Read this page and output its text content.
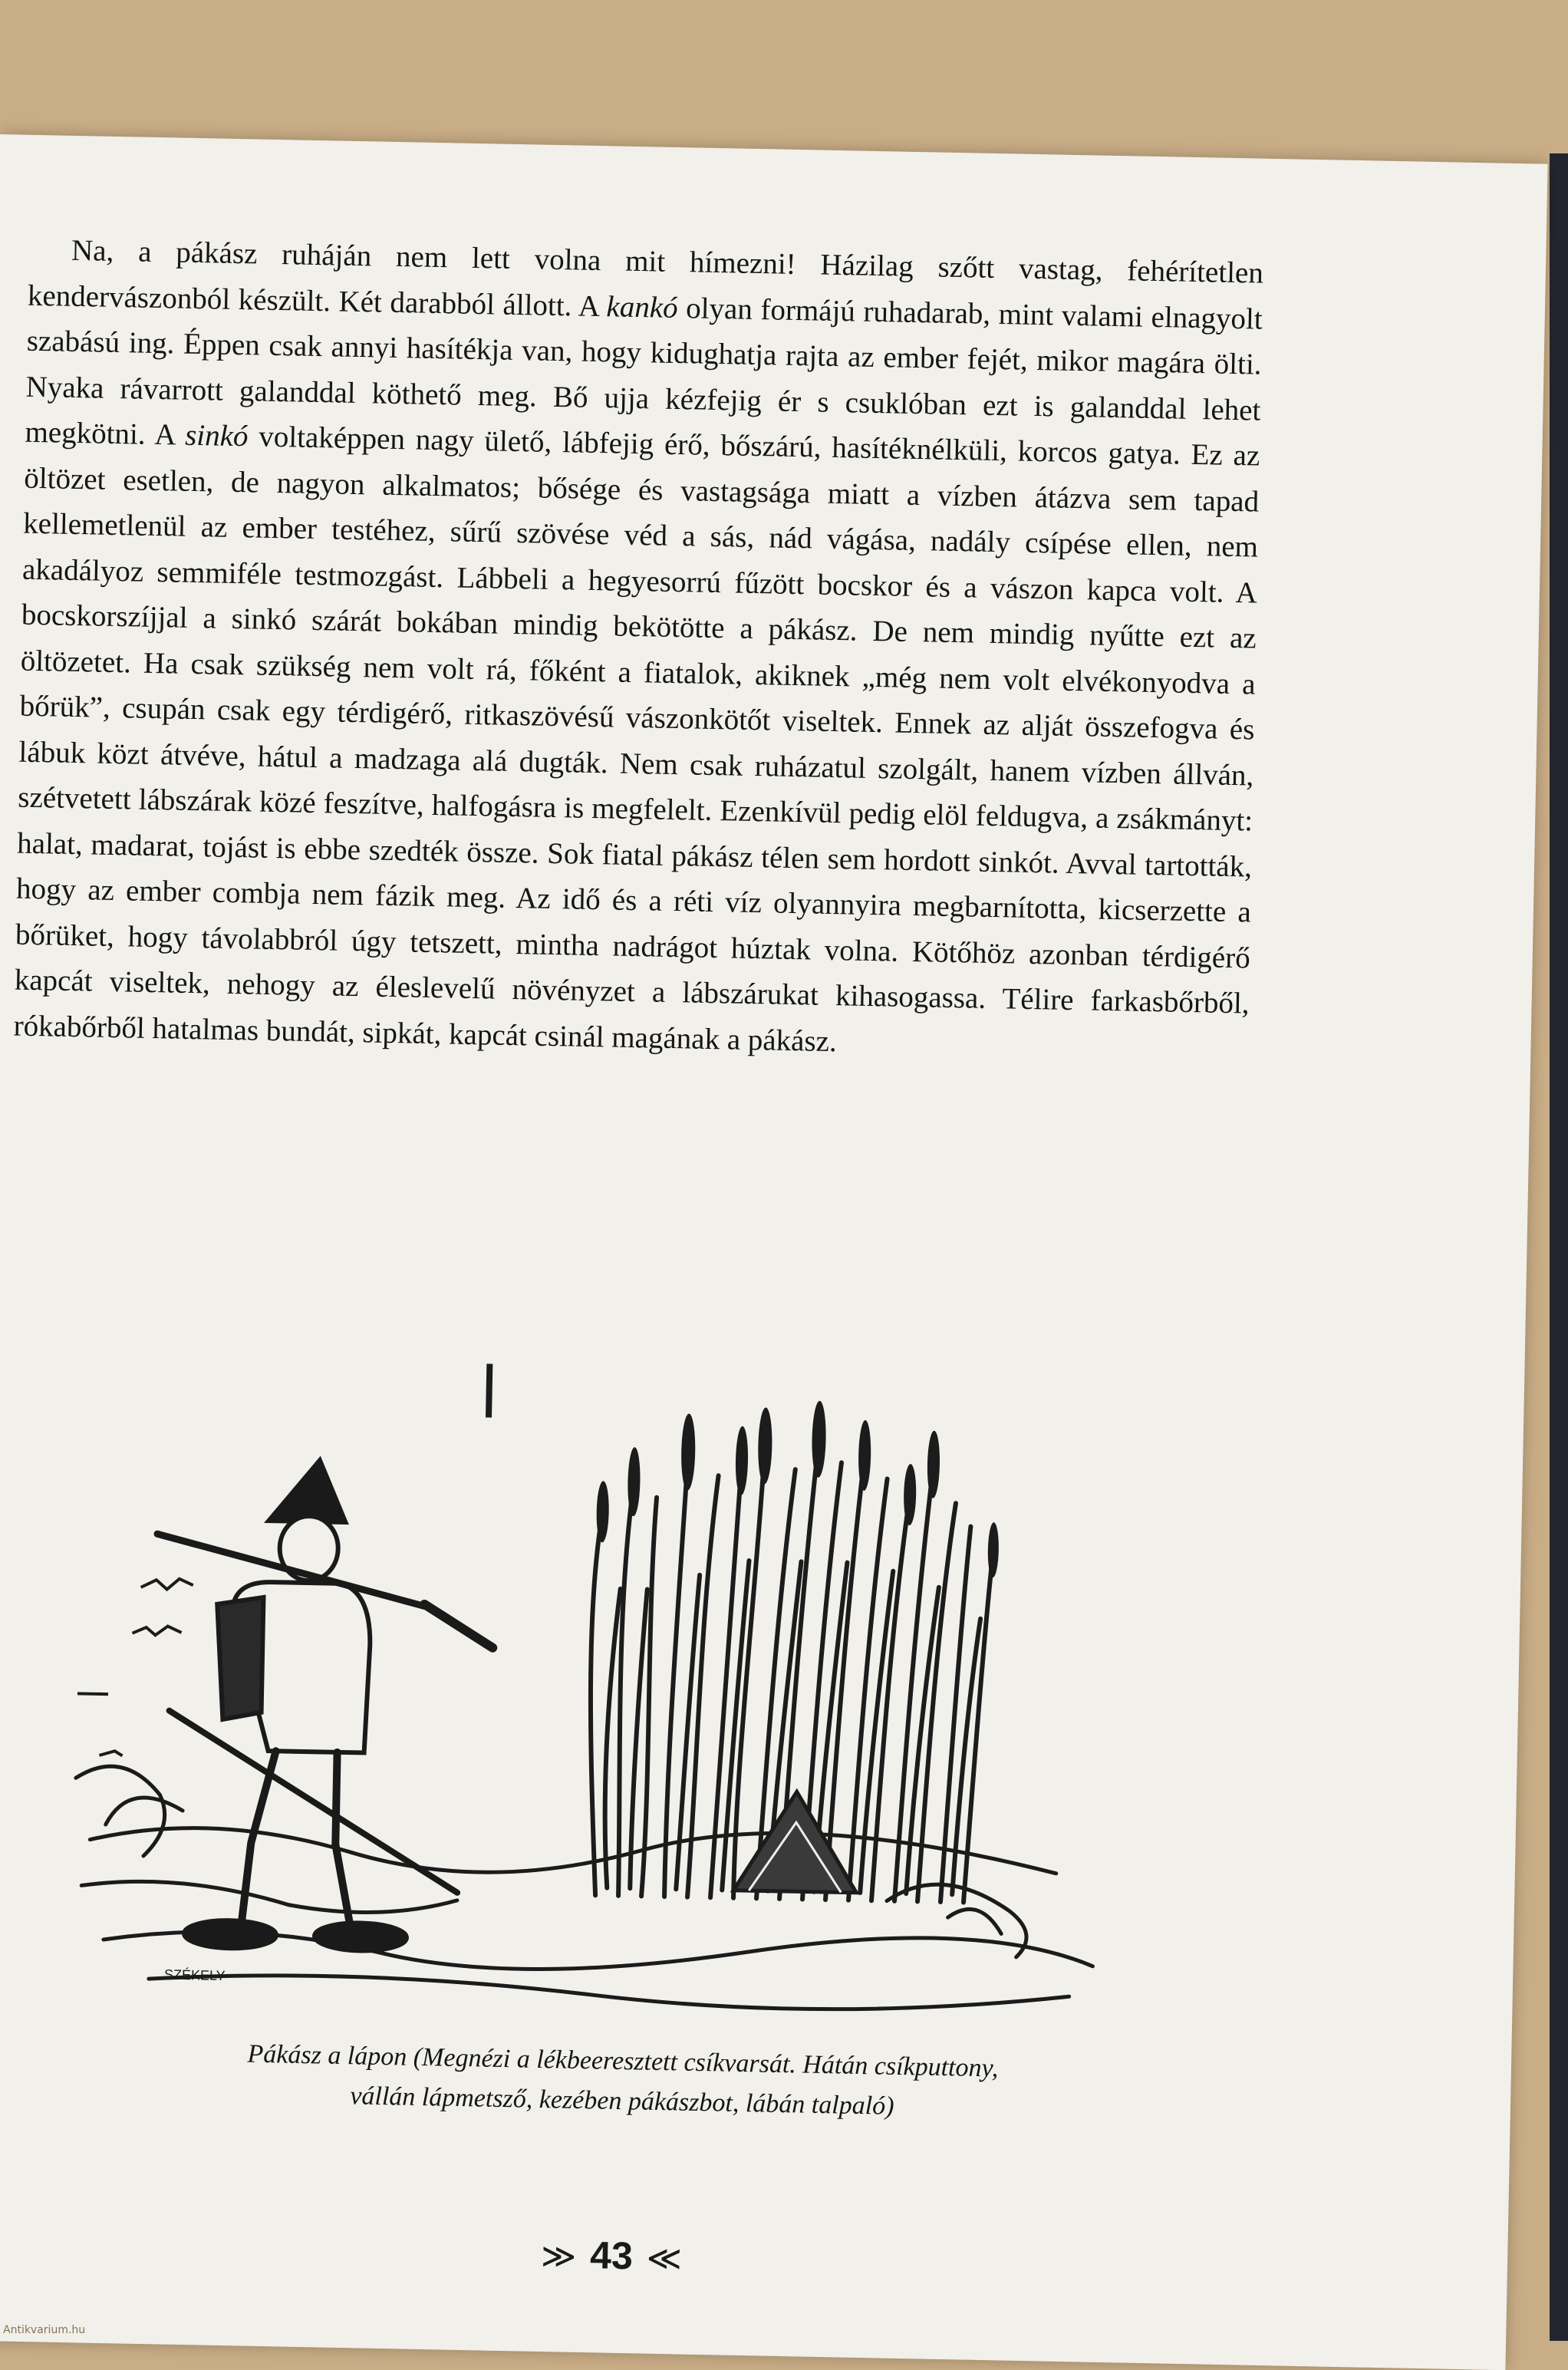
Na, a pákász ruháján nem lett volna mit hímezni! Házilag szőtt vastag, fehérítetlen kendervászonból készült. Két darabból állott. A kankó olyan formájú ruhadarab, mint valami elnagyolt szabású ing. Éppen csak annyi hasítékja van, hogy kidughatja rajta az ember fejét, mikor magára ölti. Nyaka rávarrott galanddal köthető meg. Bő ujja kézfejig ér s csuklóban ezt is galanddal lehet megkötni. A sinkó voltaképpen nagy ülető, lábfejig érő, bőszárú, hasítéknélküli, korcos gatya. Ez az öltözet esetlen, de nagyon alkalmatos; bősége és vastagsága miatt a vízben átázva sem tapad kellemetlenül az ember testéhez, sűrű szövése véd a sás, nád vágása, nadály csípése ellen, nem akadályoz semmiféle testmozgást. Lábbeli a hegyesorrú fűzött bocskor és a vászon kapca volt. A bocskorszíjjal a sinkó szárát bokában mindig bekötötte a pákász. De nem mindig nyűtte ezt az öltözetet. Ha csak szükség nem volt rá, főként a fiatalok, akiknek „még nem volt elvékonyodva a bőrük”, csupán csak egy térdigérő, ritkaszövésű vászonkötőt viseltek. Ennek az alját összefogva és lábuk közt átvéve, hátul a madzaga alá dugták. Nem csak ruházatul szolgált, hanem vízben állván, szétvetett lábszárak közé feszítve, halfogásra is megfelelt. Ezenkívül pedig elöl feldugva, a zsákmányt: halat, madarat, tojást is ebbe szedték össze. Sok fiatal pákász télen sem hordott sinkót. Avval tartották, hogy az ember combja nem fázik meg. Az idő és a réti víz olyannyira megbarnította, kicserzette a bőrüket, hogy távolabbról úgy tetszett, mintha nadrágot húztak volna. Kötőhöz azonban térdigérő kapcát viseltek, nehogy az éleslevelű növényzet a lábszárukat kihasogassa. Télire farkasbőrből, rókabőrből hatalmas bundát, sipkát, kapcát csinál magának a pákász.

SZÉKELY
Pákász a lápon (Megnézi a lékbeeresztett csíkvarsát. Hátán csíkputtony,
vállán lápmetsző, kezében pákászbot, lábán talpaló)
≫ 43 ≪
Antikvarium.hu
